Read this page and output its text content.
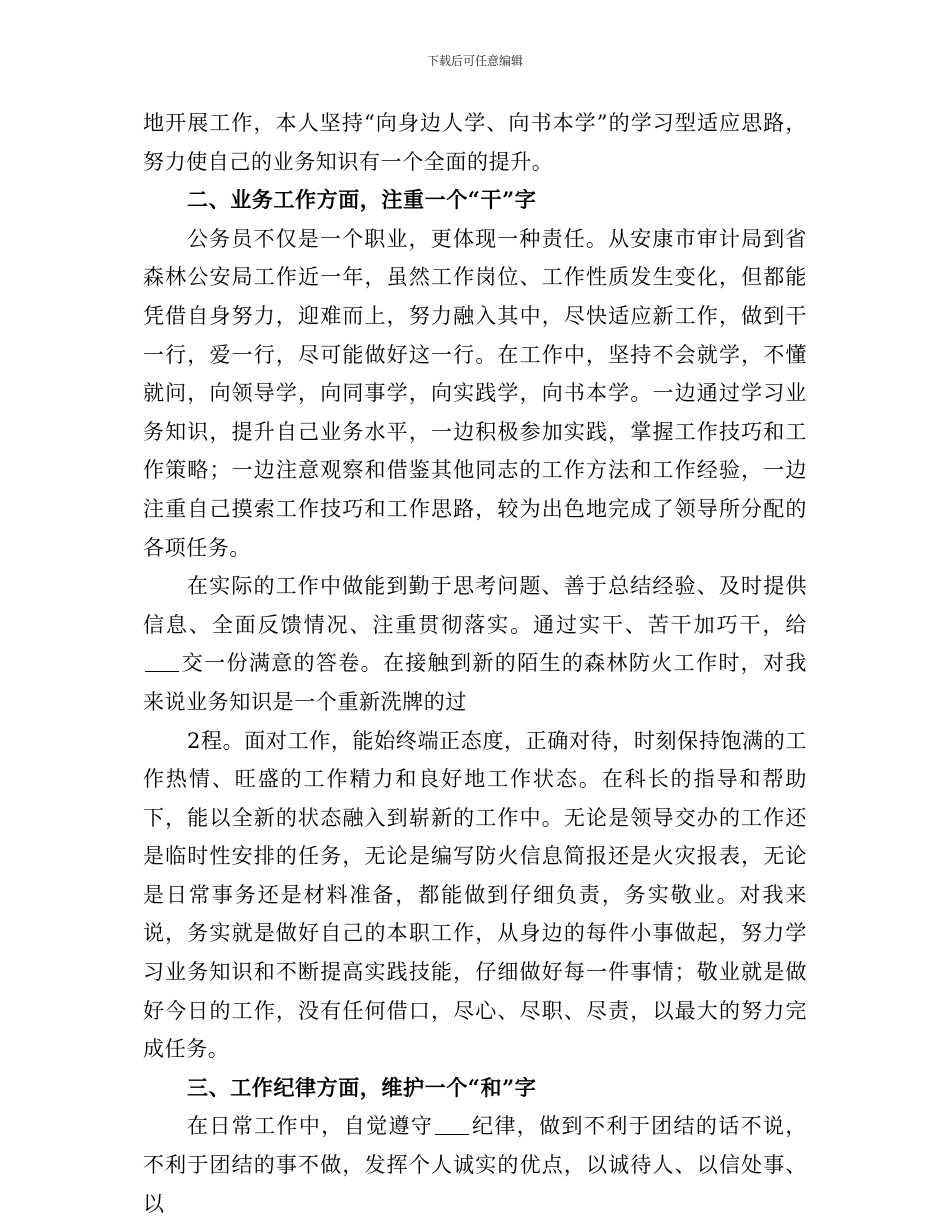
下载后可任意编辑

地开展工作，本人坚持“向身边人学、向书本学”的学习型适应思路，努力使自己的业务知识有一个全面的提升。

二、业务工作方面，注重一个“干”字

公务员不仅是一个职业，更体现一种责任。从安康市审计局到省森林公安局工作近一年，虽然工作岗位、工作性质发生变化，但都能凭借自身努力，迎难而上，努力融入其中，尽快适应新工作，做到干一行，爱一行，尽可能做好这一行。在工作中，坚持不会就学，不懂就问，向领导学，向同事学，向实践学，向书本学。一边通过学习业务知识，提升自己业务水平，一边积极参加实践，掌握工作技巧和工作策略；一边注意观察和借鉴其他同志的工作方法和工作经验，一边注重自己摸索工作技巧和工作思路，较为出色地完成了领导所分配的各项任务。

在实际的工作中做能到勤于思考问题、善于总结经验、及时提供信息、全面反馈情况、注重贯彻落实。通过实干、苦干加巧干，给交一份满意的答卷。在接触到新的陌生的森林防火工作时，对我来说业务知识是一个重新洗牌的过

2程。面对工作，能始终端正态度，正确对待，时刻保持饱满的工作热情、旺盛的工作精力和良好地工作状态。在科长的指导和帮助下，能以全新的状态融入到崭新的工作中。无论是领导交办的工作还是临时性安排的任务，无论是编写防火信息简报还是火灾报表，无论是日常事务还是材料准备，都能做到仔细负责，务实敬业。对我来说，务实就是做好自己的本职工作，从身边的每件小事做起，努力学习业务知识和不断提高实践技能，仔细做好每一件事情；敬业就是做好今日的工作，没有任何借口，尽心、尽职、尽责，以最大的努力完成任务。

三、工作纪律方面，维护一个“和”字

在日常工作中，自觉遵守 纪律，做到不利于团结的话不说，不利于团结的事不做，发挥个人诚实的优点，以诚待人、以信处事、以
